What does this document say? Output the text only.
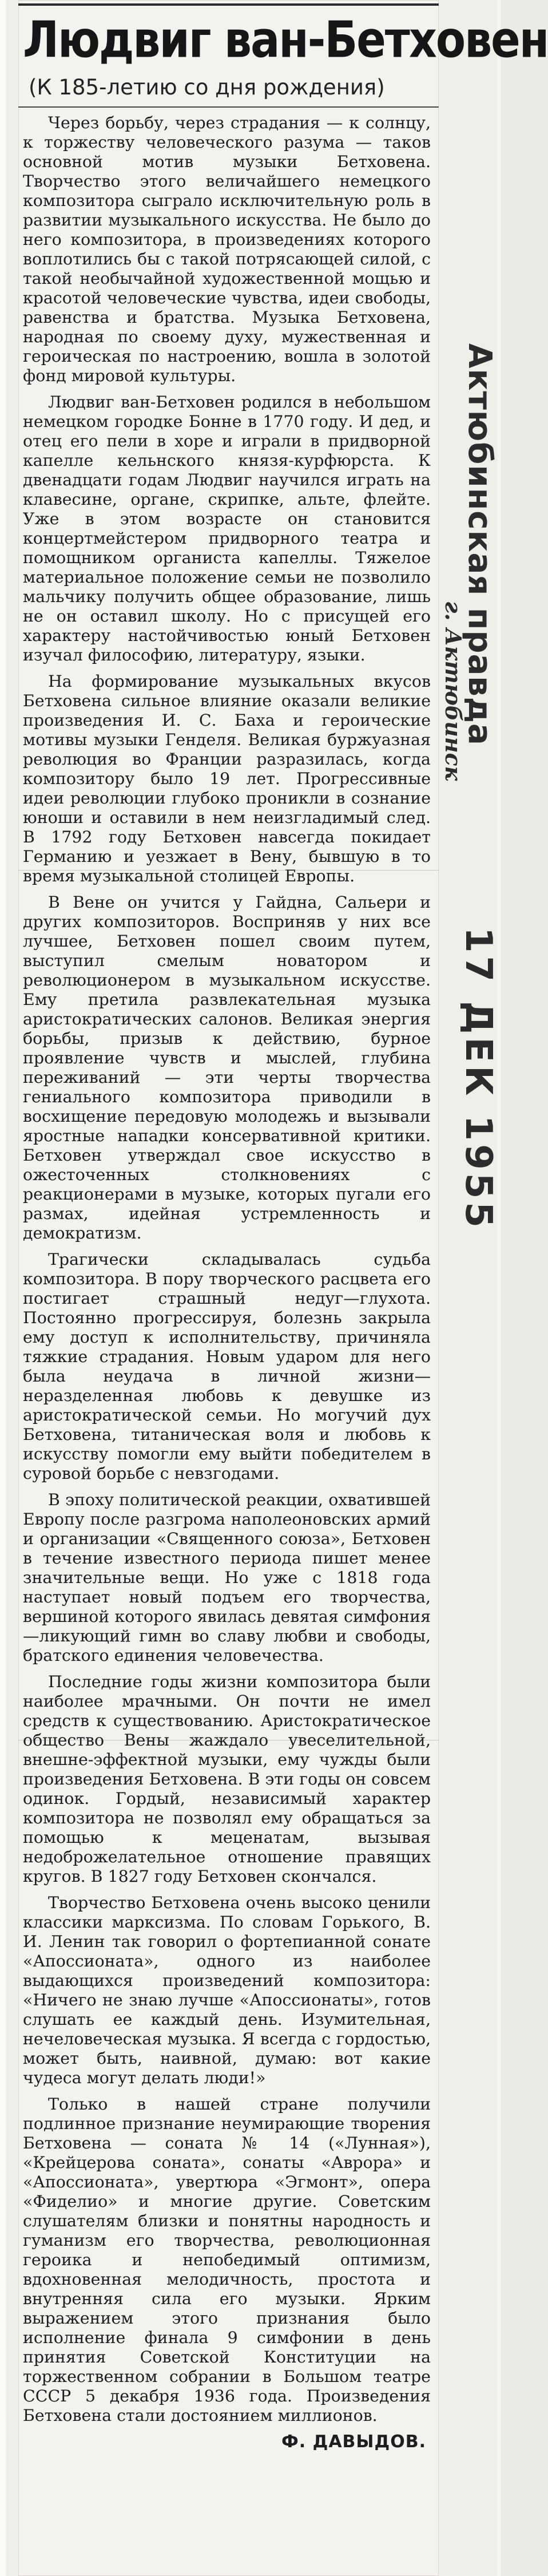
Людвиг ван-Бетховен
(К 185-летию со дня рождения)

Через борьбу, через страдания — к солнцу, к торжеству человеческого разума — таков основной мотив музыки Бетховена. Творчество этого величайшего немецкого композитора сыграло исключительную роль в развитии музыкального искусства. Не было до него композитора, в произведениях которого воплотились бы с такой потрясающей силой, с такой необычайной художественной мощью и красотой человеческие чувства, идеи свободы, равенства и братства. Музыка Бетховена, народная по своему духу, мужественная и героическая по настроению, вошла в золотой фонд мировой культуры.

Людвиг ван-Бетховен родился в небольшом немецком городке Бонне в 1770 году. И дед, и отец его пели в хоре и играли в придворной капелле кельнского князя-курфюрста. К двенадцати годам Людвиг научился играть на клавесине, органе, скрипке, альте, флейте. Уже в этом возрасте он становится концертмейстером придворного театра и помощником органиста капеллы. Тяжелое материальное положение семьи не позволило мальчику получить общее образование, лишь не он оставил школу. Но с присущей его характеру настойчивостью юный Бетховен изучал философию, литературу, языки.

На формирование музыкальных вкусов Бетховена сильное влияние оказали великие произведения И. С. Баха и героические мотивы музыки Генделя. Великая буржуазная революция во Франции разразилась, когда композитору было 19 лет. Прогрессивные идеи революции глубоко проникли в сознание юноши и оставили в нем неизгладимый след. В 1792 году Бетховен навсегда покидает Германию и уезжает в Вену, бывшую в то время музыкальной столицей Европы.

В Вене он учится у Гайдна, Сальери и других композиторов. Восприняв у них все лучшее, Бетховен пошел своим путем, выступил смелым новатором и революционером в музыкальном искусстве. Ему претила развлекательная музыка аристократических салонов. Великая энергия борьбы, призыв к действию, бурное проявление чувств и мыслей, глубина переживаний — эти черты творчества гениального композитора приводили в восхищение передовую молодежь и вызывали яростные нападки консервативной критики. Бетховен утверждал свое искусство в ожесточенных столкновениях с реакционерами в музыке, которых пугали его размах, идейная устремленность и демократизм.

Трагически складывалась судьба композитора. В пору творческого расцвета его постигает страшный недуг—глухота. Постоянно прогрессируя, болезнь закрыла ему доступ к исполнительству, причиняла тяжкие страдания. Новым ударом для него была неудача в личной жизни—неразделенная любовь к девушке из аристократической семьи. Но могучий дух Бетховена, титаническая воля и любовь к искусству помогли ему выйти победителем в суровой борьбе с невзгодами.

В эпоху политической реакции, охватившей Европу после разгрома наполеоновских армий и организации «Священного союза», Бетховен в течение известного периода пишет менее значительные вещи. Но уже с 1818 года наступает новый подъем его творчества, вершиной которого явилась девятая симфония—ликующий гимн во славу любви и свободы, братского единения человечества.

Последние годы жизни композитора были наиболее мрачными. Он почти не имел средств к существованию. Аристократическое общество Вены жаждало увеселительной, внешне-эффектной музыки, ему чужды были произведения Бетховена. В эти годы он совсем одинок. Гордый, независимый характер композитора не позволял ему обращаться за помощью к меценатам, вызывая недоброжелательное отношение правящих кругов. В 1827 году Бетховен скончался.

Творчество Бетховена очень высоко ценили классики марксизма. По словам Горького, В. И. Ленин так говорил о фортепианной сонате «Апоссионата», одного из наиболее выдающихся произведений композитора: «Ничего не знаю лучше «Апоссионаты», готов слушать ее каждый день. Изумительная, нечеловеческая музыка. Я всегда с гордостью, может быть, наивной, думаю: вот какие чудеса могут делать люди!»

Только в нашей стране получили подлинное признание неумирающие творения Бетховена — соната № 14 («Лунная»), «Крейцерова соната», сонаты «Аврора» и «Апоссионата», увертюра «Эгмонт», опера «Фиделио» и многие другие. Советским слушателям близки и понятны народность и гуманизм его творчества, революционная героика и непобедимый оптимизм, вдохновенная мелодичность, простота и внутренняя сила его музыки. Ярким выражением этого признания было исполнение финала 9 симфонии в день принятия Советской Конституции на торжественном собрании в Большом театре СССР 5 декабря 1936 года. Произведения Бетховена стали достоянием миллионов.

Ф. ДАВЫДОВ.
Актюбинская правда
г. Актюбинск
17 ДЕК 1955
